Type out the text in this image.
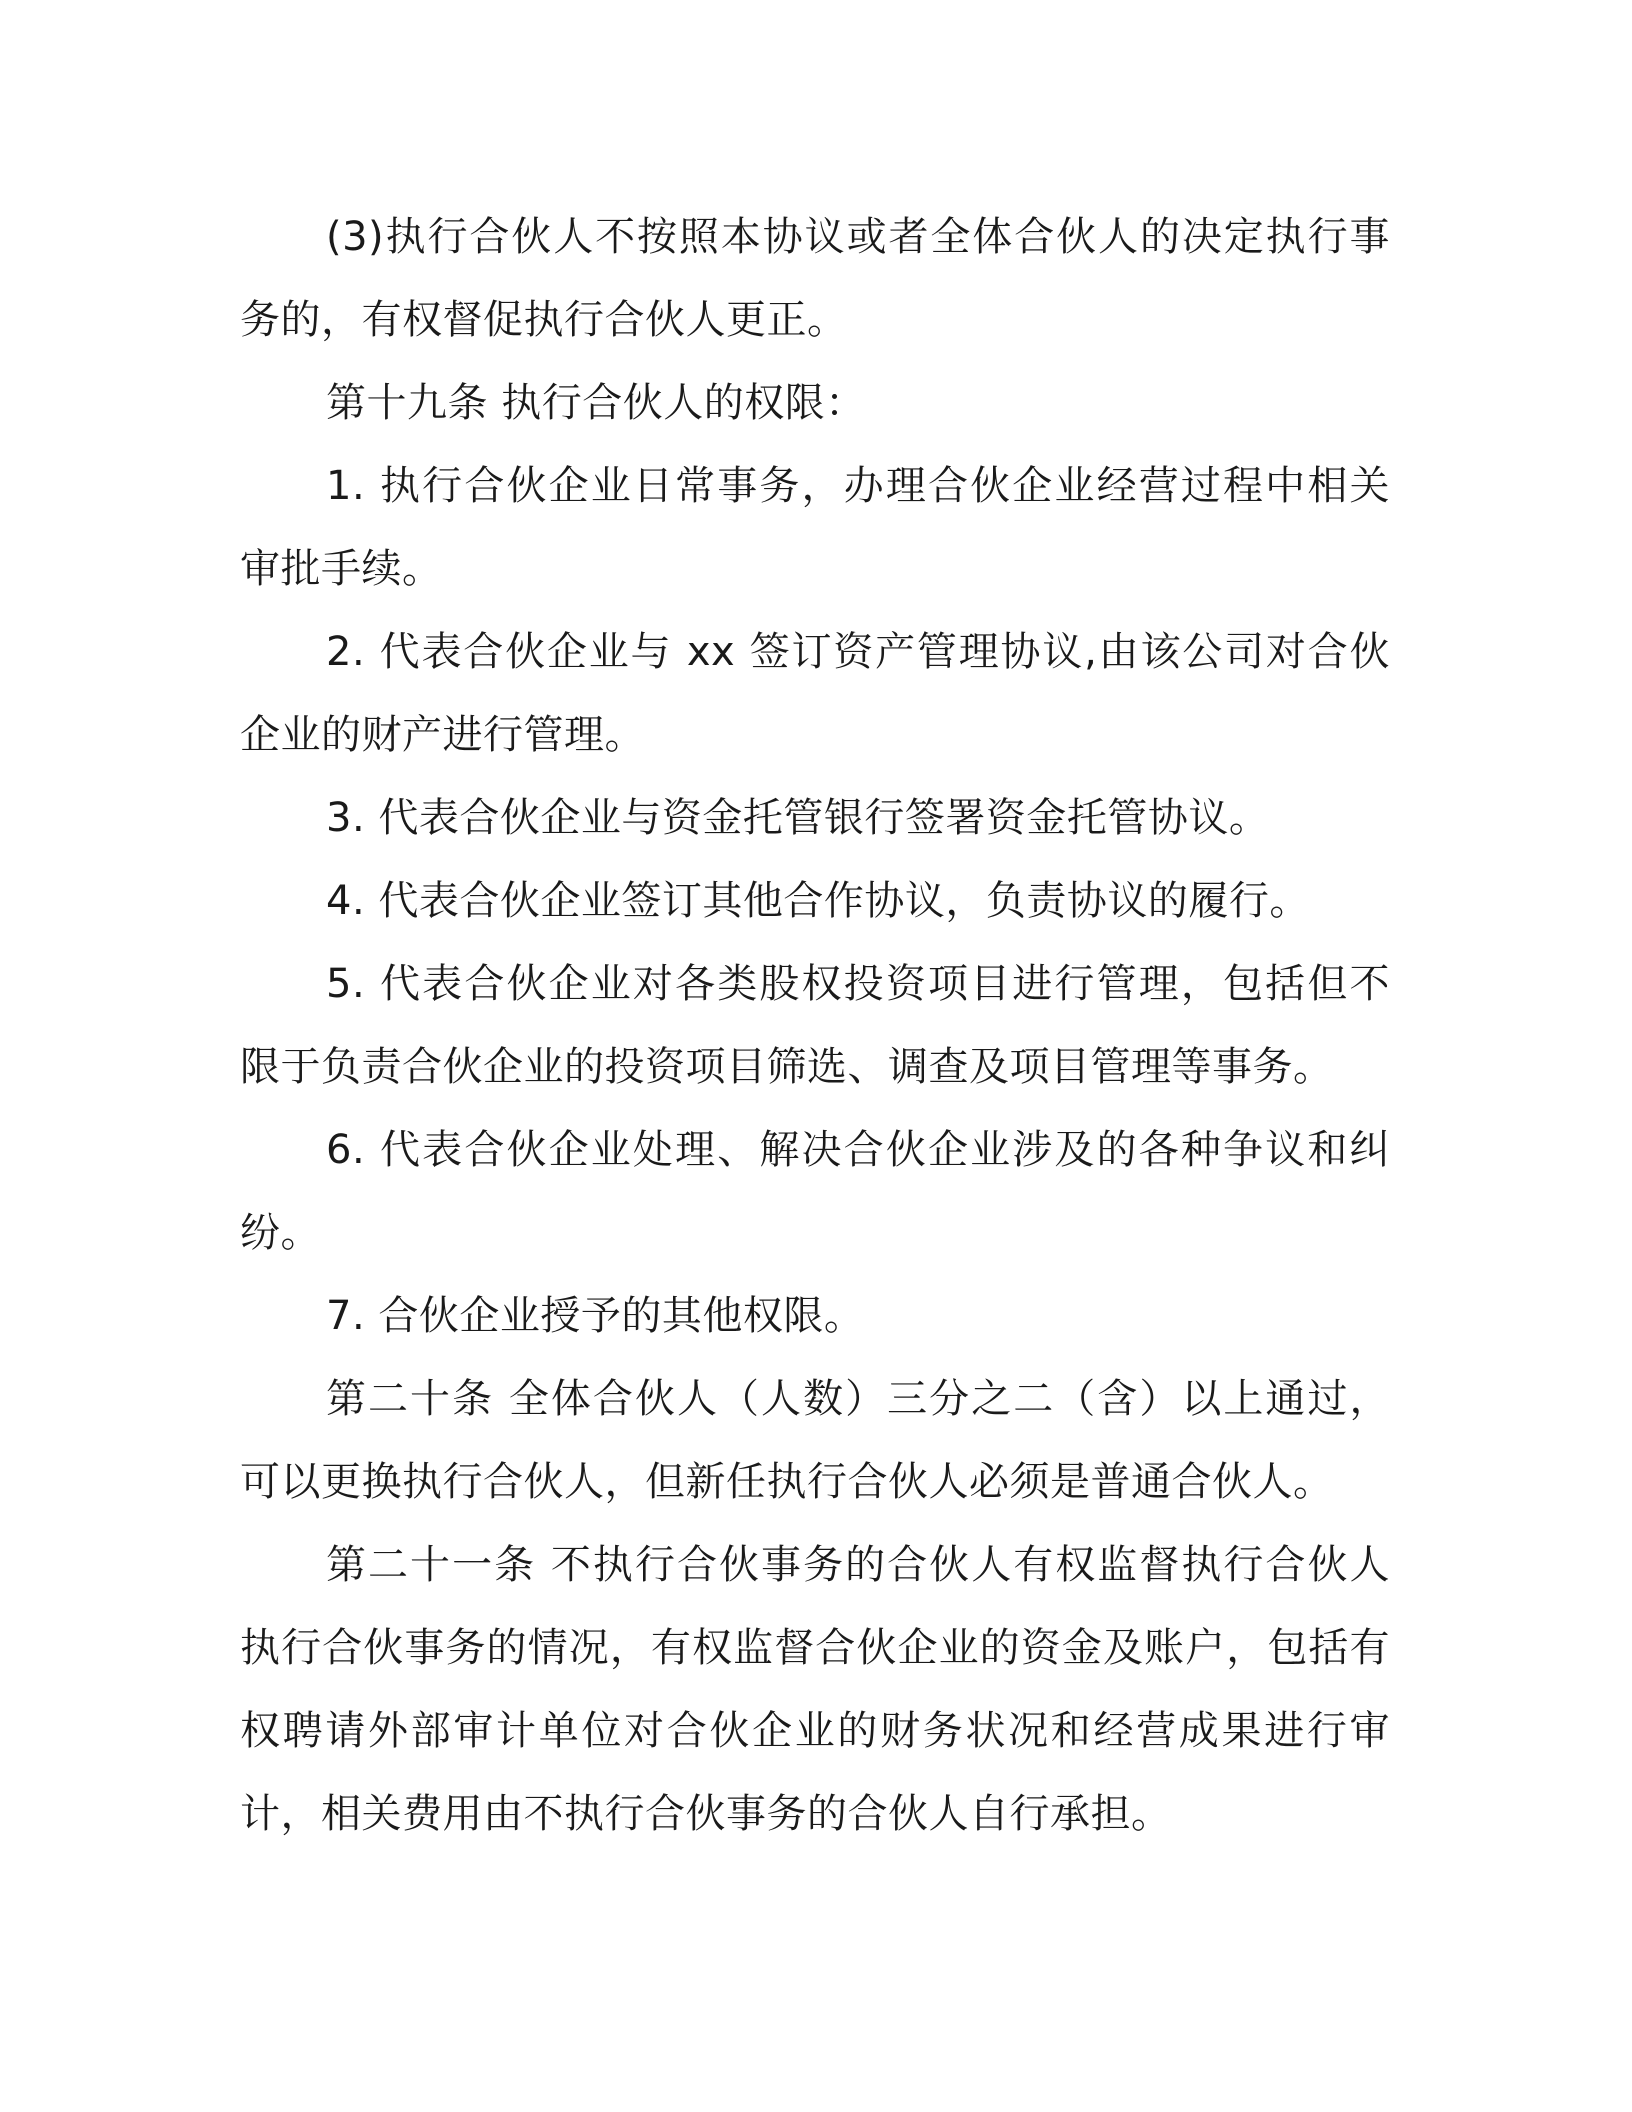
(3)执行合伙人不按照本协议或者全体合伙人的决定执行事务的，有权督促执行合伙人更正。

第十九条 执行合伙人的权限：

1. 执行合伙企业日常事务，办理合伙企业经营过程中相关审批手续。

2. 代表合伙企业与 xx 签订资产管理协议,由该公司对合伙企业的财产进行管理。

3. 代表合伙企业与资金托管银行签署资金托管协议。

4. 代表合伙企业签订其他合作协议，负责协议的履行。

5. 代表合伙企业对各类股权投资项目进行管理，包括但不限于负责合伙企业的投资项目筛选、调查及项目管理等事务。

6. 代表合伙企业处理、解决合伙企业涉及的各种争议和纠纷。

7. 合伙企业授予的其他权限。

第二十条 全体合伙人（人数）三分之二（含）以上通过，可以更换执行合伙人，但新任执行合伙人必须是普通合伙人。

第二十一条 不执行合伙事务的合伙人有权监督执行合伙人执行合伙事务的情况，有权监督合伙企业的资金及账户，包括有权聘请外部审计单位对合伙企业的财务状况和经营成果进行审计，相关费用由不执行合伙事务的合伙人自行承担。
